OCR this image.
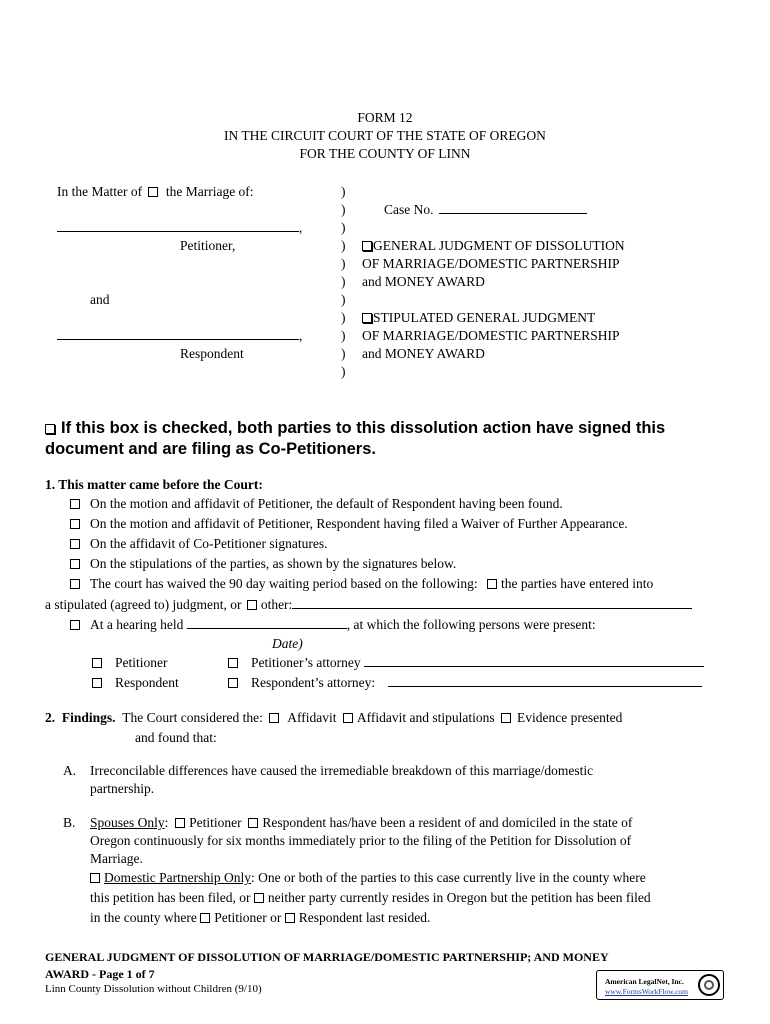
FORM 12
IN THE CIRCUIT COURT OF THE STATE OF OREGON
FOR THE COUNTY OF LINN
In the Matter of the Marriage of:
,
Petitioner,
and
,
Respondent
)
)
)
)
)
)
)
)
)
)
)
Case No.
GENERAL JUDGMENT OF DISSOLUTION
OF MARRIAGE/DOMESTIC PARTNERSHIP
and MONEY AWARD
STIPULATED GENERAL JUDGMENT
OF MARRIAGE/DOMESTIC PARTNERSHIP
and MONEY AWARD
If this box is checked, both parties to this dissolution action have signed this
document and are filing as Co-Petitioners.
1. This matter came before the Court:
On the motion and affidavit of Petitioner, the default of Respondent having been found.
On the motion and affidavit of Petitioner, Respondent having filed a Waiver of Further Appearance.
On the affidavit of Co-Petitioner signatures.
On the stipulations of the parties, as shown by the signatures below.
The court has waived the 90 day waiting period based on the following: the parties have entered into
a stipulated (agreed to) judgment, or other:
At a hearing held	, at which the following persons were present:
Date)
Petitioner	Petitioner’s attorney
Respondent	Respondent’s attorney:
2.  Findings. The Court considered the: Affidavit Affidavit and stipulations Evidence presented
and found that:
A. Irreconcilable differences have caused the irremediable breakdown of this marriage/domestic
partnership.
B. Spouses Only: Petitioner Respondent has/have been a resident of and domiciled in the state of
Oregon continuously for six months immediately prior to the filing of the Petition for Dissolution of
Marriage.
Domestic Partnership Only: One or both of the parties to this case currently live in the county where
this petition has been filed, or neither party currently resides in Oregon but the petition has been filed
in the county where Petitioner or Respondent last resided.
GENERAL JUDGMENT OF DISSOLUTION OF MARRIAGE/DOMESTIC PARTNERSHIP; AND MONEY
AWARD - Page 1 of 7
Linn County Dissolution without Children (9/10)
American LegalNet, Inc.
www.FormsWorkFlow.com
